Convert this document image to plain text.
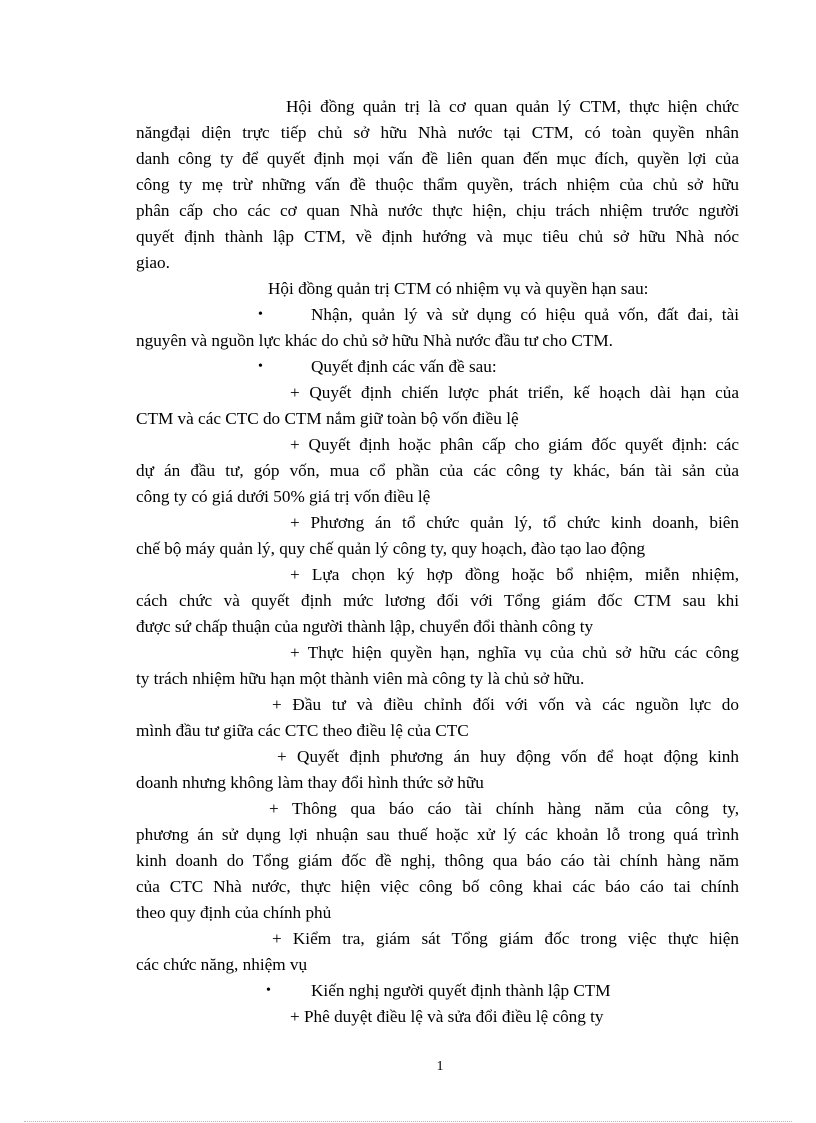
Hội đồng quản trị là cơ quan quản lý CTM, thực hiện chức
năngđại diện trực tiếp chủ sở hữu Nhà nước tại CTM, có toàn quyền nhân
danh công ty để quyết định mọi vấn đề liên quan đến mục đích, quyền lợi của
công ty mẹ trừ những vấn đề thuộc thẩm quyền, trách nhiệm của chủ sở hữu
phân cấp cho các cơ quan Nhà nước thực hiện, chịu trách nhiệm trước người
quyết định thành lập CTM, về định hướng và mục tiêu chủ sở hữu Nhà nóc
giao.
Hội đồng quản trị CTM có nhiệm vụ và quyền hạn sau:
•	Nhận, quản lý và sử dụng có hiệu quả vốn, đất đai, tài
nguyên và nguồn lực khác do chủ sở hữu Nhà nước đầu tư cho CTM.
•	Quyết định các vấn đề sau:
+ Quyết định chiến lược phát triển, kế hoạch dài hạn của
CTM và các CTC do CTM nắm giữ toàn bộ vốn điều lệ
+ Quyết định hoặc phân cấp cho giám đốc quyết định: các
dự án đầu tư, góp vốn, mua cổ phần của các công ty khác, bán tài sản của
công ty có giá dưới 50% giá trị vốn điều lệ
+ Phương án tổ chức quản lý, tổ chức kinh doanh, biên
chế bộ máy quản lý, quy chế quản lý công ty, quy hoạch, đào tạo lao động
+ Lựa chọn ký hợp đồng hoặc bổ nhiệm, miễn nhiệm,
cách chức và quyết định mức lương đối với Tổng giám đốc CTM sau khi
được sứ chấp thuận của người thành lập, chuyển đổi thành công ty
+ Thực hiện quyền hạn, nghĩa vụ của chủ sở hữu các công
ty trách nhiệm hữu hạn một thành viên mà công ty là chủ sở hữu.
+ Đầu tư và điều chỉnh đối với vốn và các nguồn lực do
mình đầu tư giữa các CTC theo điều lệ của CTC
+ Quyết định phương án huy động vốn để hoạt động kinh
doanh nhưng không làm thay đổi hình thức sở hữu
+ Thông qua báo cáo tài chính hàng năm của công ty,
phương án sử dụng lợi nhuận sau thuế hoặc xử lý các khoản lỗ trong quá trình
kinh doanh do Tổng giám đốc đề nghị, thông qua báo cáo tài chính hàng năm
của CTC Nhà nước, thực hiện việc công bố công khai các báo cáo tai chính
theo quy định của chính phủ
+ Kiểm tra, giám sát Tổng giám đốc trong việc thực hiện
các chức năng, nhiệm vụ
• Kiến nghị người quyết định thành lập CTM
+ Phê duyệt điều lệ và sửa đổi điều lệ công ty
1
